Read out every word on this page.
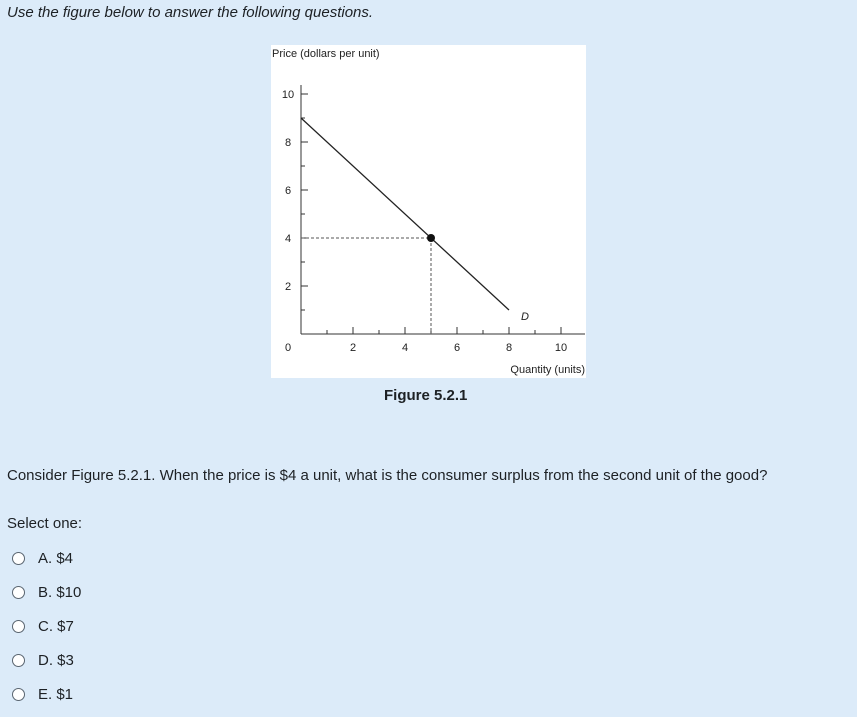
Use the figure below to answer the following questions.
Price (dollars per unit)
Quantity (units)
0
10
8
6
4
2
2	4	6	8	10
D
Figure 5.2.1
Consider Figure 5.2.1. When the price is $4 a unit, what is the consumer surplus from the second unit of the good?
Select one:
A. $4
B. $10
C. $7
D. $3
E. $1
